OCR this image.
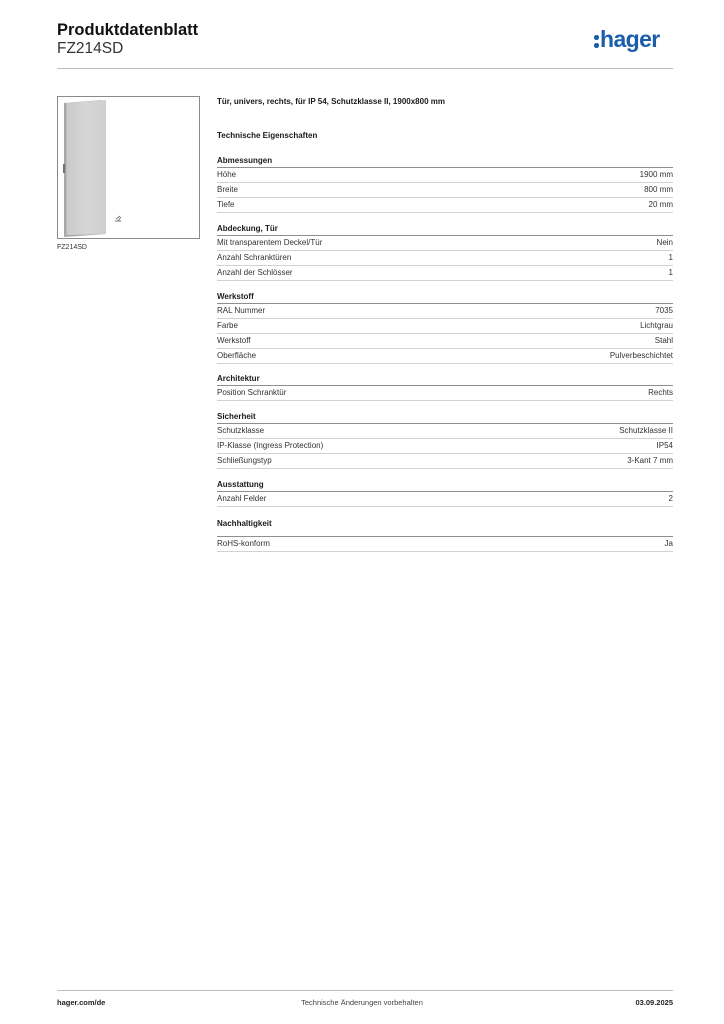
Produktdatenblatt
FZ214SD	hager
FZ214SD
Tür, univers, rechts, für IP 54, Schutzklasse II, 1900x800 mm
Technische Eigenschaften
Abmessungen
Höhe	1900 mm
Breite	800 mm
Tiefe	20 mm
Abdeckung, Tür
Mit transparentem Deckel/Tür	Nein
Anzahl Schranktüren	1
Anzahl der Schlösser	1
Werkstoff
RAL Nummer	7035
Farbe	Lichtgrau
Werkstoff	Stahl
Oberfläche	Pulverbeschichtet
Architektur
Position Schranktür	Rechts
Sicherheit
Schutzklasse	Schutzklasse II
IP-Klasse (Ingress Protection)	IP54
Schließungstyp	3-Kant 7 mm
Ausstattung
Anzahl Felder	2
Nachhaltigkeit
RoHS-konform	Ja
hager.com/de	Technische Änderungen vorbehalten	03.09.2025
